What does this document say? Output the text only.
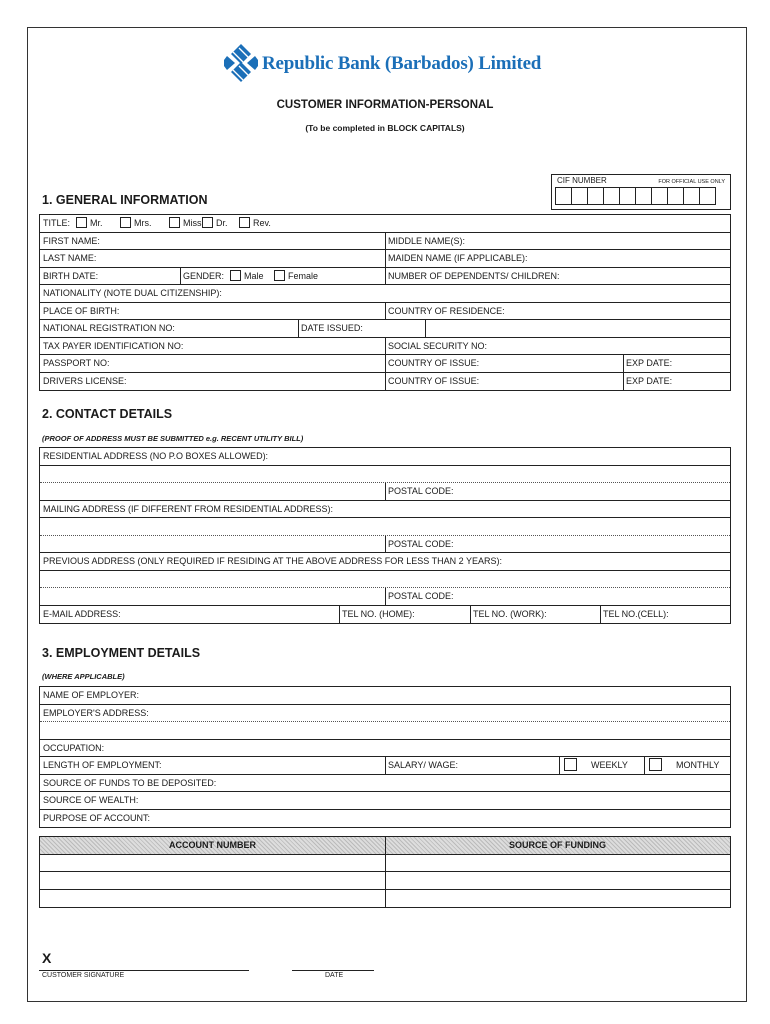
Republic Bank (Barbados) Limited
CUSTOMER INFORMATION-PERSONAL
(To be completed in BLOCK CAPITALS)
CIF NUMBER	FOR OFFICIAL USE ONLY
1. GENERAL INFORMATION
TITLE:	Mr.	Mrs.	Miss	Dr.	Rev.
FIRST NAME:	MIDDLE NAME(S):
LAST NAME:	MAIDEN NAME (IF APPLICABLE):
BIRTH DATE:	GENDER:	Male	Female	NUMBER OF DEPENDENTS/ CHILDREN:
NATIONALITY (NOTE DUAL CITIZENSHIP):
PLACE OF BIRTH:	COUNTRY OF RESIDENCE:
NATIONAL REGISTRATION NO:	DATE ISSUED:
TAX PAYER IDENTIFICATION NO:	SOCIAL SECURITY NO:
PASSPORT NO:	COUNTRY OF ISSUE:	EXP DATE:
DRIVERS LICENSE:	COUNTRY OF ISSUE:	EXP DATE:
2. CONTACT DETAILS
(PROOF OF ADDRESS MUST BE SUBMITTED e.g. RECENT UTILITY BILL)
RESIDENTIAL ADDRESS (NO P.O BOXES ALLOWED):
POSTAL CODE:
MAILING ADDRESS (IF DIFFERENT FROM RESIDENTIAL ADDRESS):
POSTAL CODE:
PREVIOUS ADDRESS (ONLY REQUIRED IF RESIDING AT THE ABOVE ADDRESS FOR LESS THAN 2 YEARS):
POSTAL CODE:
E-MAIL ADDRESS:	TEL NO. (HOME):	TEL NO. (WORK):	TEL NO.(CELL):
3. EMPLOYMENT DETAILS
(WHERE APPLICABLE)
NAME OF EMPLOYER:
EMPLOYER'S ADDRESS:
OCCUPATION:
LENGTH OF EMPLOYMENT:	SALARY/ WAGE:	WEEKLY	MONTHLY
SOURCE OF FUNDS TO BE DEPOSITED:
SOURCE OF WEALTH:
PURPOSE OF ACCOUNT:
ACCOUNT NUMBER	SOURCE OF FUNDING
X
CUSTOMER SIGNATURE	DATE
